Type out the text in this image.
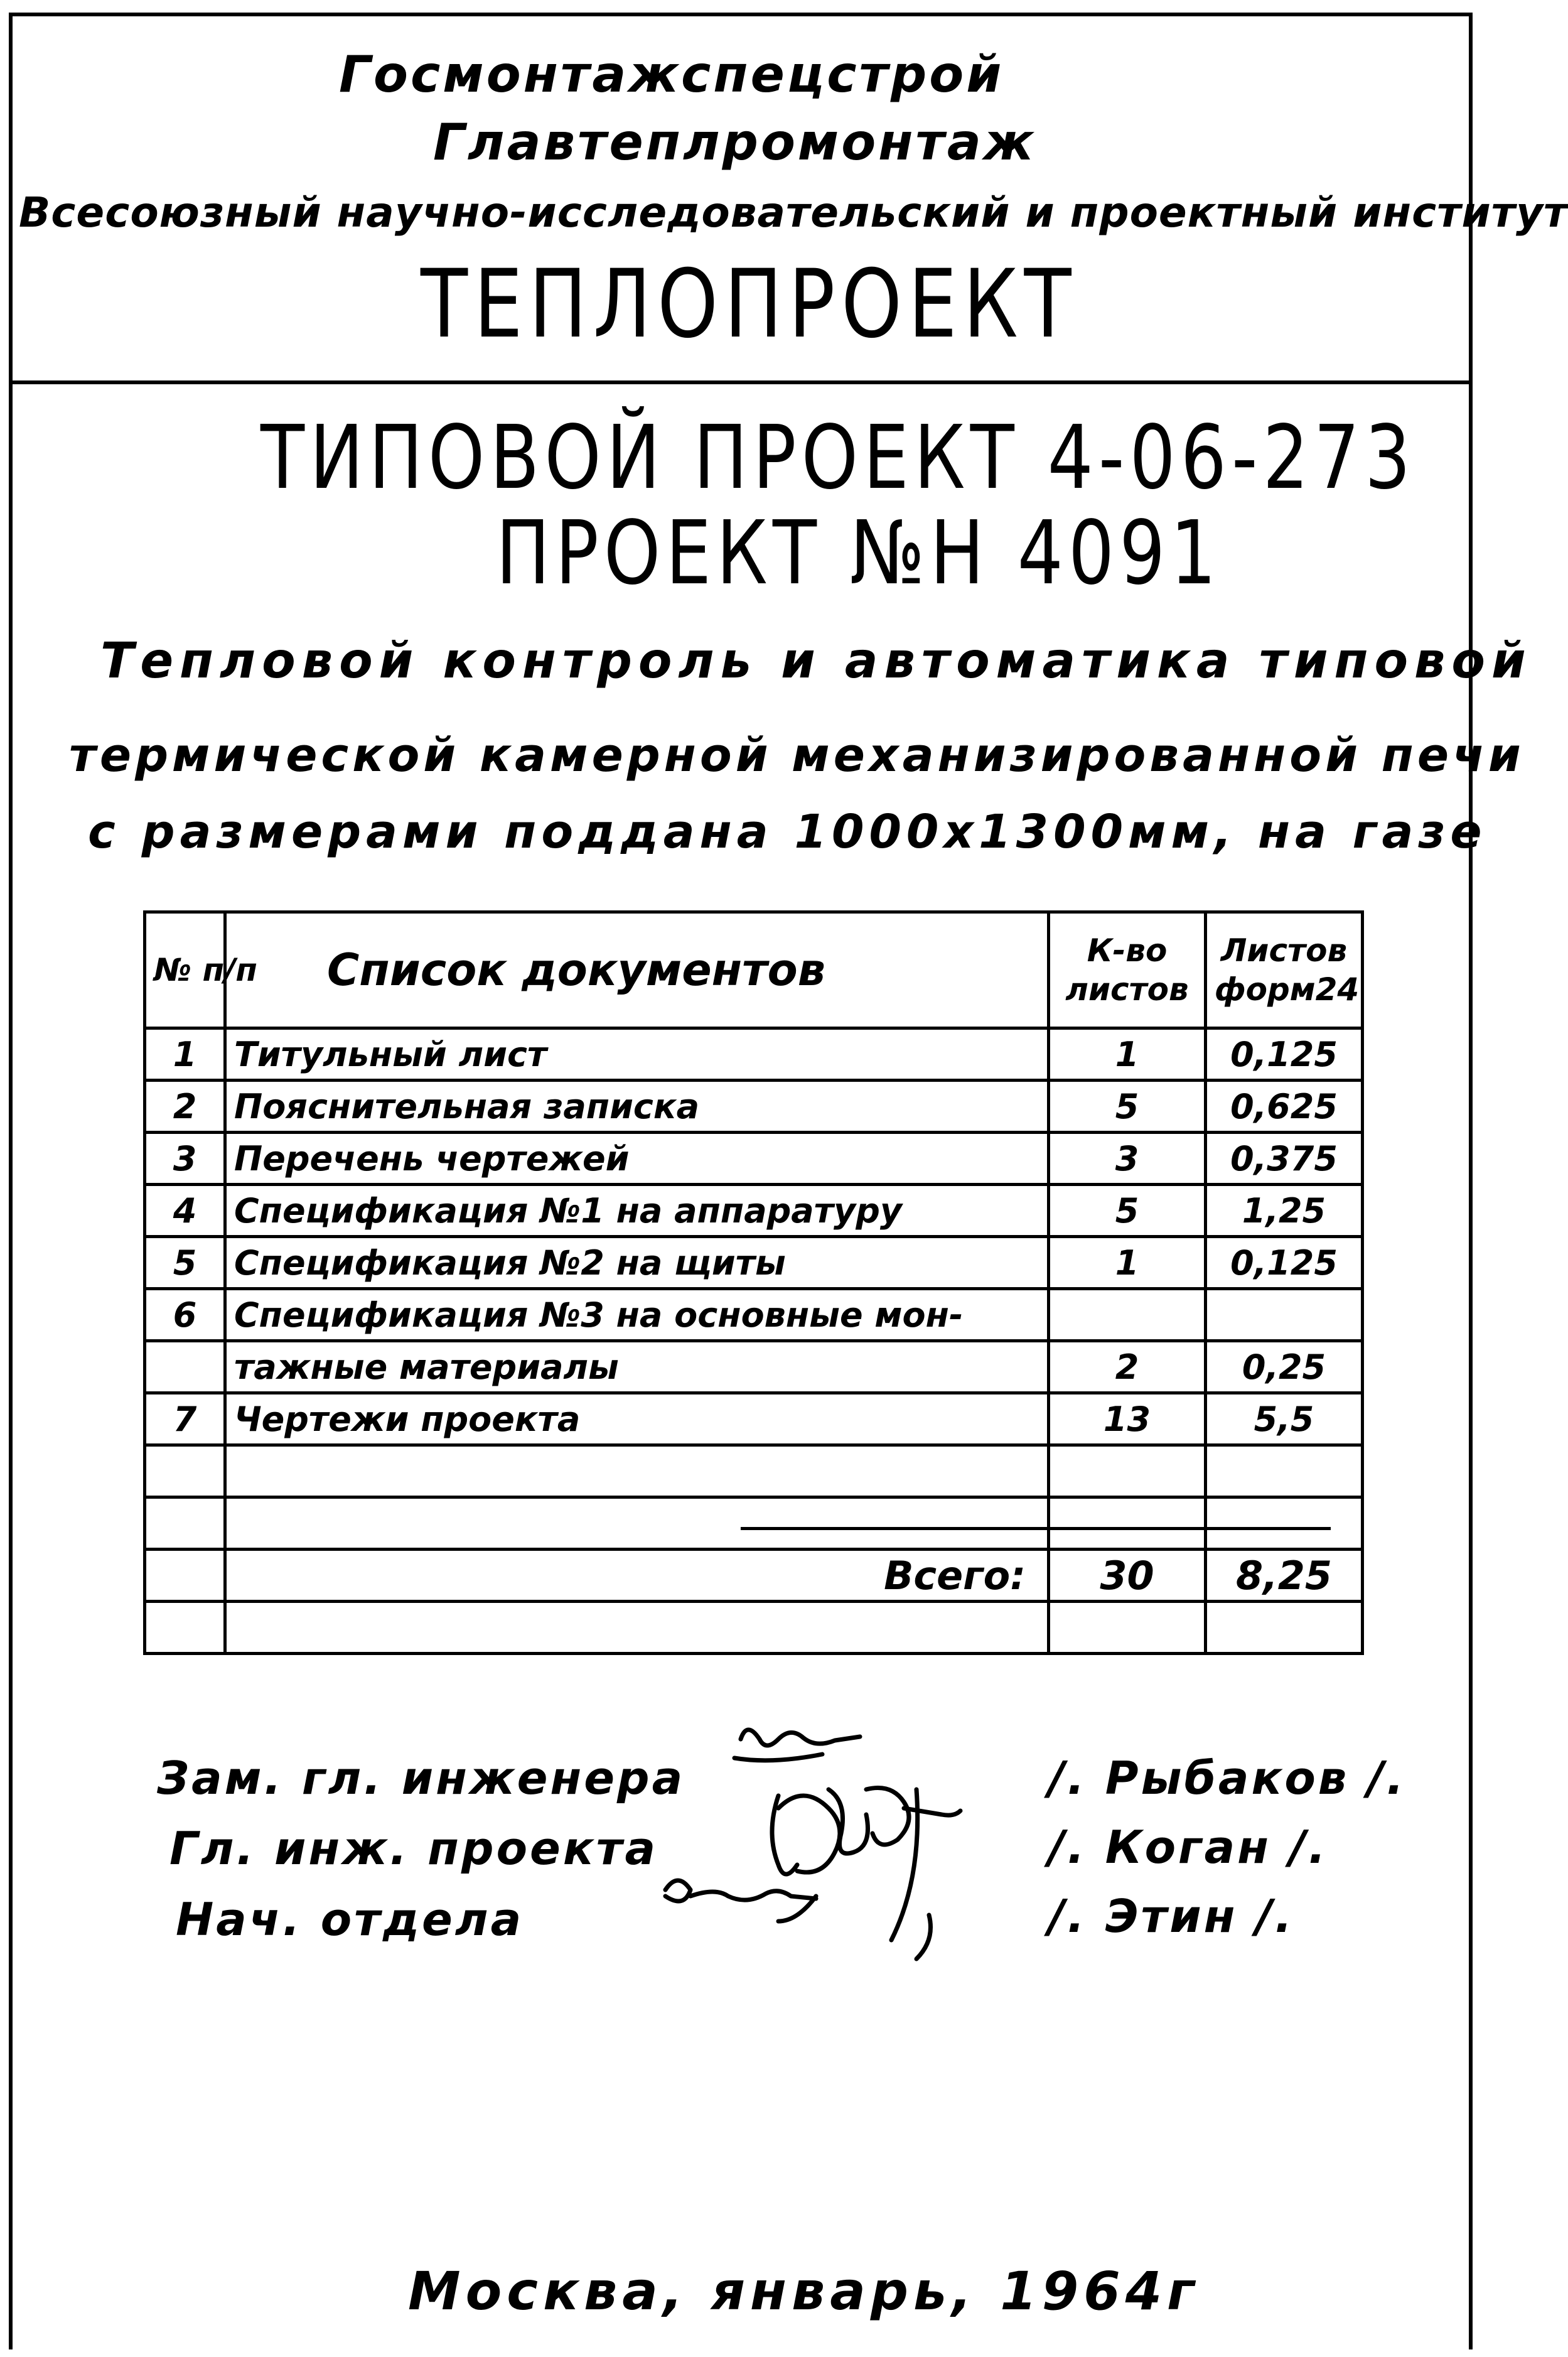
Госмонтажспецстрой
Главтеплромонтаж
Всесоюзный научно-исследовательский и проектный институт
ТЕПЛОПРОЕКТ
ТИПОВОЙ ПРОЕКТ 4-06-273
ПРОЕКТ №Н 4091
Тепловой контроль и автоматика типовой
термической камерной механизированной печи
с размерами поддана 1000х1300мм, на газе
№ п/п	Список документов	К-во листов	Листов форм24
1	Титульный лист	1	0,125
2	Пояснительная записка	5	0,625
3	Перечень чертежей	3	0,375
4	Спецификация №1 на аппаратуру	5	1,25
5	Спецификация №2 на щиты	1	0,125
6	Спецификация №3 на основные мон-		
	тажные материалы	2	0,25
7	Чертежи проекта	13	5,5

	Всего:	30	8,25

Зам. гл. инженера
Гл. инж. проекта
Нач. отдела
/. Рыбаков /.
/. Коган /.
/. Этин /.
Москва, январь, 1964г
